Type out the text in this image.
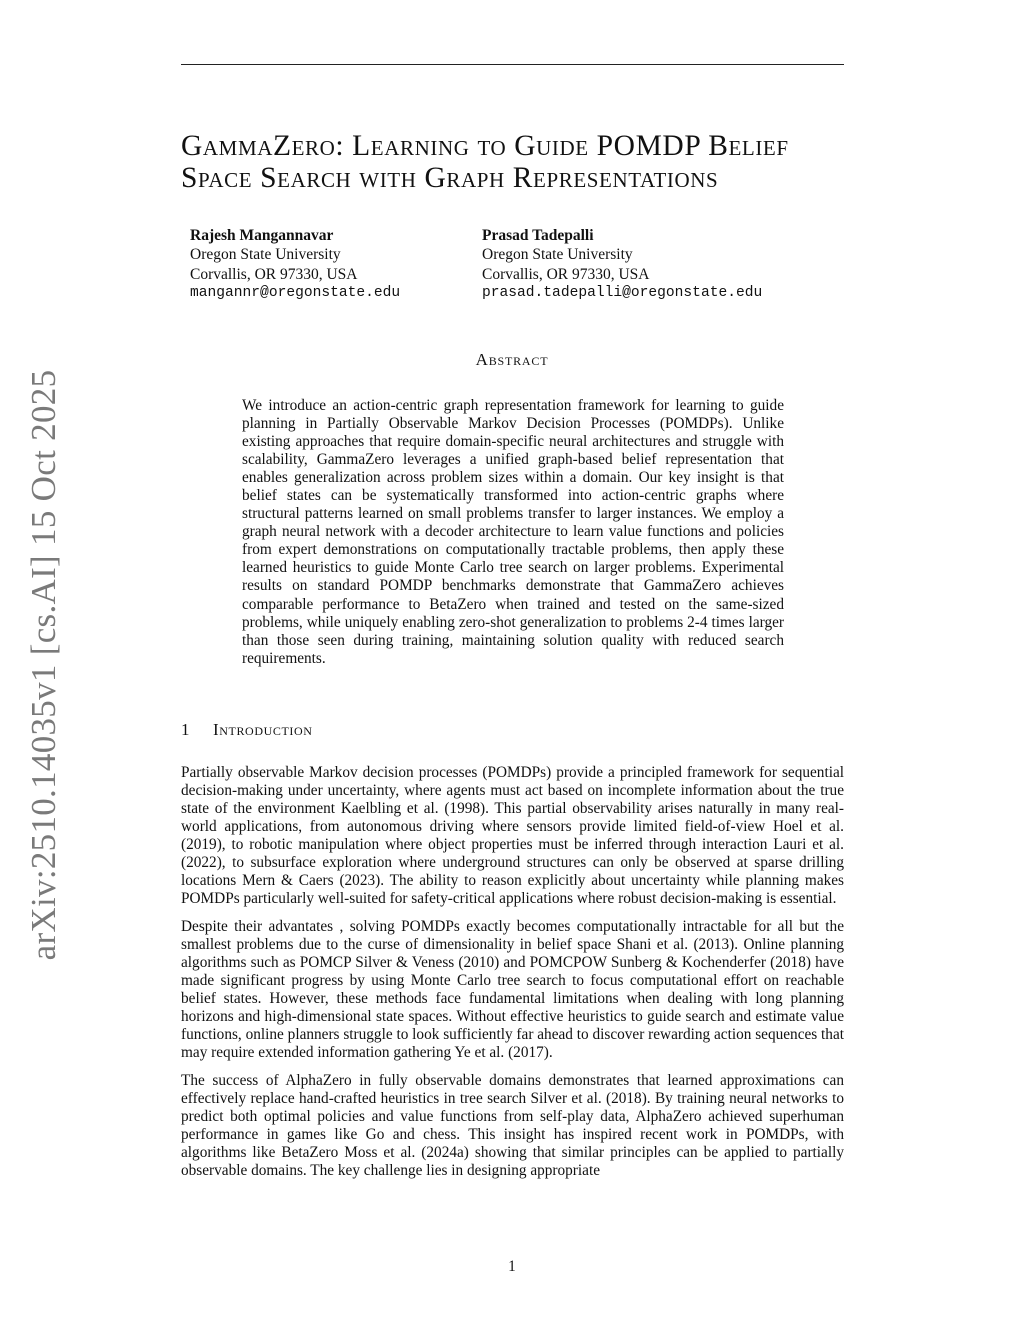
arXiv:2510.14035v1 [cs.AI] 15 Oct 2025
GammaZero: Learning to Guide POMDP Belief
Space Search with Graph Representations
Rajesh Mangannavar
Oregon State University
Corvallis, OR 97330, USA
mangannr@oregonstate.edu
Prasad Tadepalli
Oregon State University
Corvallis, OR 97330, USA
prasad.tadepalli@oregonstate.edu
Abstract

We introduce an action-centric graph representation framework for learning to guide planning in Partially Observable Markov Decision Processes (POMDPs). Unlike existing approaches that require domain-specific neural architectures and struggle with scalability, GammaZero leverages a unified graph-based belief representation that enables generalization across problem sizes within a domain. Our key insight is that belief states can be systematically transformed into action-centric graphs where structural patterns learned on small problems transfer to larger instances. We employ a graph neural network with a decoder architecture to learn value functions and policies from expert demonstrations on computationally tractable problems, then apply these learned heuristics to guide Monte Carlo tree search on larger problems. Experimental results on standard POMDP benchmarks demonstrate that GammaZero achieves comparable performance to BetaZero when trained and tested on the same-sized problems, while uniquely enabling zero-shot generalization to problems 2-4 times larger than those seen during training, maintaining solution quality with reduced search requirements.

1 Introduction

Partially observable Markov decision processes (POMDPs) provide a principled framework for sequential decision-making under uncertainty, where agents must act based on incomplete information about the true state of the environment Kaelbling et al. (1998). This partial observability arises naturally in many real-world applications, from autonomous driving where sensors provide limited field-of-view Hoel et al. (2019), to robotic manipulation where object properties must be inferred through interaction Lauri et al. (2022), to subsurface exploration where underground structures can only be observed at sparse drilling locations Mern & Caers (2023). The ability to reason explicitly about uncertainty while planning makes POMDPs particularly well-suited for safety-critical applications where robust decision-making is essential.

Despite their advantates , solving POMDPs exactly becomes computationally intractable for all but the smallest problems due to the curse of dimensionality in belief space Shani et al. (2013). Online planning algorithms such as POMCP Silver & Veness (2010) and POMCPOW Sunberg & Kochenderfer (2018) have made significant progress by using Monte Carlo tree search to focus computational effort on reachable belief states. However, these methods face fundamental limitations when dealing with long planning horizons and high-dimensional state spaces. Without effective heuristics to guide search and estimate value functions, online planners struggle to look sufficiently far ahead to discover rewarding action sequences that may require extended information gathering Ye et al. (2017).

The success of AlphaZero in fully observable domains demonstrates that learned approximations can effectively replace hand-crafted heuristics in tree search Silver et al. (2018). By training neural networks to predict both optimal policies and value functions from self-play data, AlphaZero achieved superhuman performance in games like Go and chess. This insight has inspired recent work in POMDPs, with algorithms like BetaZero Moss et al. (2024a) showing that similar principles can be applied to partially observable domains. The key challenge lies in designing appropriate

1
